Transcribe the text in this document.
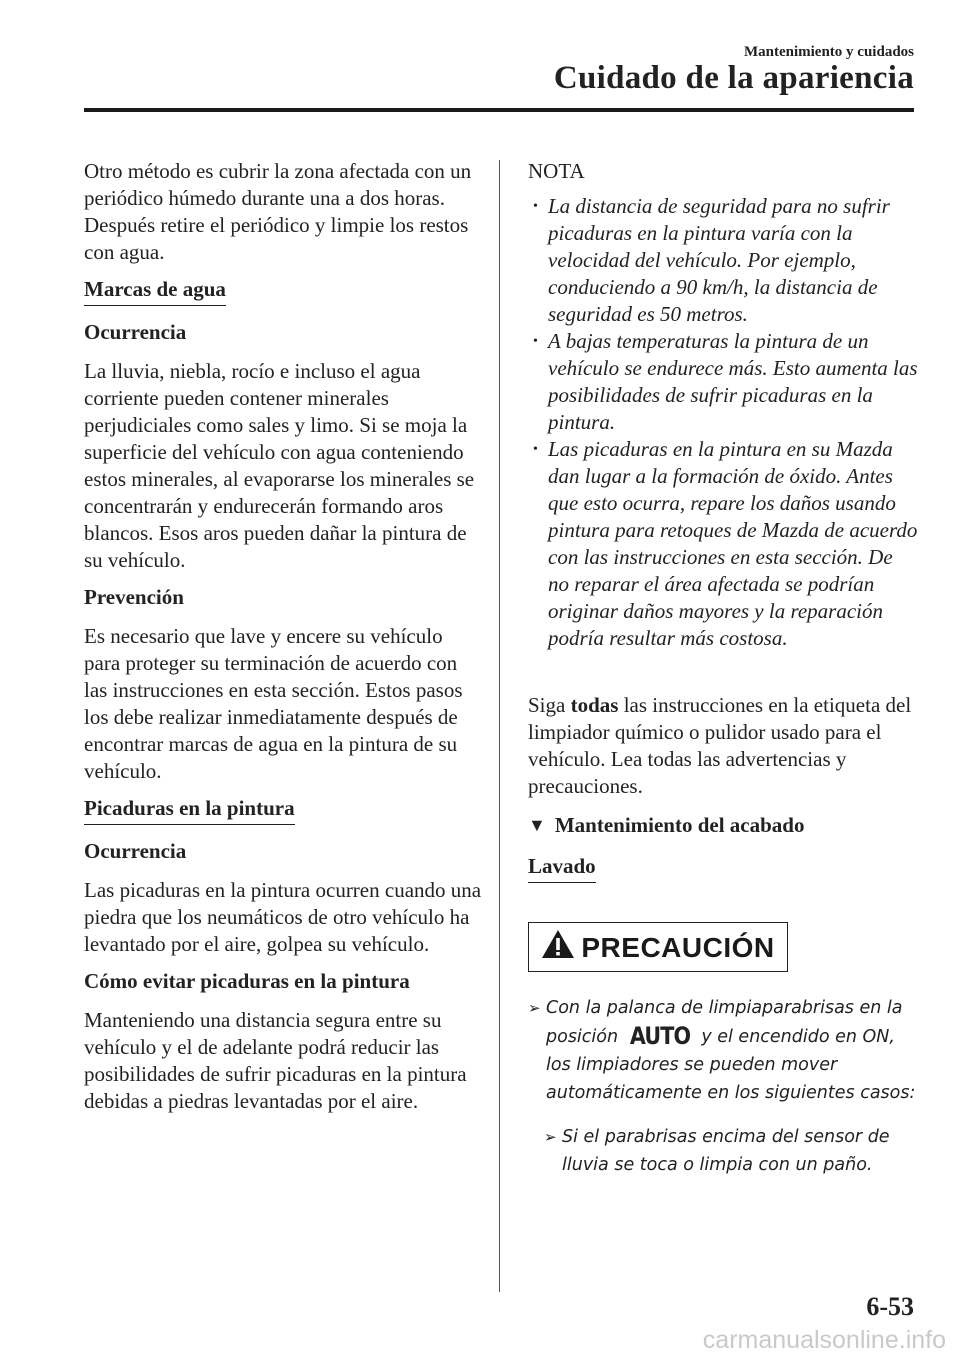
Mantenimiento y cuidados
Cuidado de la apariencia

Otro método es cubrir la zona afectada con un periódico húmedo durante una a dos horas. Después retire el periódico y limpie los restos con agua.

Marcas de agua

Ocurrencia

La lluvia, niebla, rocío e incluso el agua corriente pueden contener minerales perjudiciales como sales y limo. Si se moja la superficie del vehículo con agua conteniendo estos minerales, al evaporarse los minerales se concentrarán y endurecerán formando aros blancos. Esos aros pueden dañar la pintura de su vehículo.

Prevención

Es necesario que lave y encere su vehículo para proteger su terminación de acuerdo con las instrucciones en esta sección. Estos pasos los debe realizar inmediatamente después de encontrar marcas de agua en la pintura de su vehículo.

Picaduras en la pintura

Ocurrencia

Las picaduras en la pintura ocurren cuando una piedra que los neumáticos de otro vehículo ha levantado por el aire, golpea su vehículo.

Cómo evitar picaduras en la pintura

Manteniendo una distancia segura entre su vehículo y el de adelante podrá reducir las posibilidades de sufrir picaduras en la pintura debidas a piedras levantadas por el aire.

NOTA

• La distancia de seguridad para no sufrir picaduras en la pintura varía con la velocidad del vehículo. Por ejemplo, conduciendo a 90 km/h, la distancia de seguridad es 50 metros.
• A bajas temperaturas la pintura de un vehículo se endurece más. Esto aumenta las posibilidades de sufrir picaduras en la pintura.
• Las picaduras en la pintura en su Mazda dan lugar a la formación de óxido. Antes que esto ocurra, repare los daños usando pintura para retoques de Mazda de acuerdo con las instrucciones en esta sección. De no reparar el área afectada se podrían originar daños mayores y la reparación podría resultar más costosa.

Siga todas las instrucciones en la etiqueta del limpiador químico o pulidor usado para el vehículo. Lea todas las advertencias y precauciones.

▼ Mantenimiento del acabado
Lavado
PRECAUCIÓN
➢ Con la palanca de limpiaparabrisas en la posición AUTO y el encendido en ON, los limpiadores se pueden mover automáticamente en los siguientes casos:
➢ Si el parabrisas encima del sensor de lluvia se toca o limpia con un paño.
6-53
carmanualsonline.info
